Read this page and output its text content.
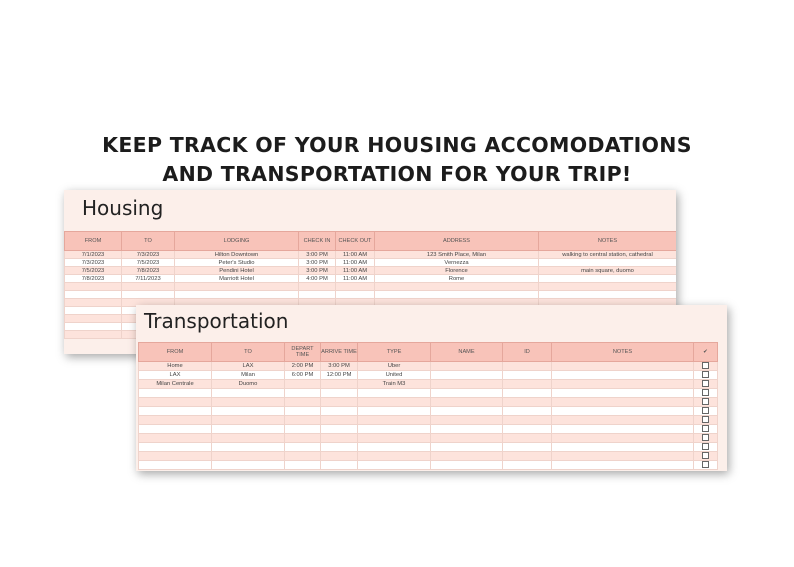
KEEP TRACK OF YOUR HOUSING ACCOMODATIONS
AND TRANSPORTATION FOR YOUR TRIP!
Housing
FROM	TO	LODGING	CHECK IN	CHECK OUT	ADDRESS	NOTES
7/1/2023	7/3/2023	Hilton Downtown	3:00 PM	11:00 AM	123 Smith Place, Milan	walking to central station, cathedral
7/3/2023	7/5/2023	Peter's Studio	3:00 PM	11:00 AM	Vernezza	
7/5/2023	7/8/2023	Pendini Hotel	3:00 PM	11:00 AM	Florence	main square, duomo
7/8/2023	7/11/2023	Marriott Hotel	4:00 PM	11:00 AM	Rome	

Transportation
FROM	TO	DEPART TIME	ARRIVE TIME	TYPE	NAME	ID	NOTES	✔
Home	LAX	2:00 PM	3:00 PM	Uber				
LAX	Milan	6:00 PM	12:00 PM	United				
Milan Centrale	Duomo			Train M3				
